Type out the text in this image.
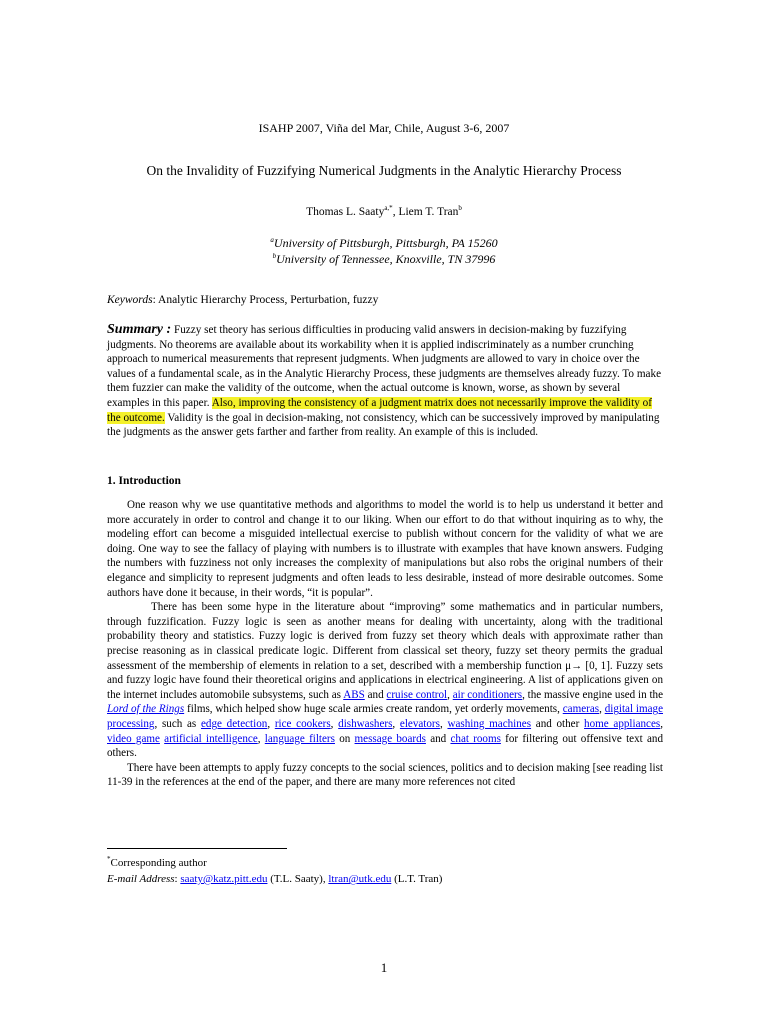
ISAHP 2007, Viña del Mar, Chile, August 3-6, 2007
On the Invalidity of Fuzzifying Numerical Judgments in the Analytic Hierarchy Process
Thomas L. Saaty$^{a,*}$, Liem T. Tran$^b$
$^a$University of Pittsburgh, Pittsburgh, PA 15260
$^b$University of Tennessee, Knoxville, TN 37996
Keywords: Analytic Hierarchy Process, Perturbation, fuzzy
Summary : Fuzzy set theory has serious difficulties in producing valid answers in decision-making by fuzzifying judgments. No theorems are available about its workability when it is applied indiscriminately as a number crunching approach to numerical measurements that represent judgments. When judgments are allowed to vary in choice over the values of a fundamental scale, as in the Analytic Hierarchy Process, these judgments are themselves already fuzzy. To make them fuzzier can make the validity of the outcome, when the actual outcome is known, worse, as shown by several examples in this paper. Also, improving the consistency of a judgment matrix does not necessarily improve the validity of the outcome. Validity is the goal in decision-making, not consistency, which can be successively improved by manipulating the judgments as the answer gets farther and farther from reality. An example of this is included.
1. Introduction

One reason why we use quantitative methods and algorithms to model the world is to help us understand it better and more accurately in order to control and change it to our liking. When our effort to do that without inquiring as to why, the modeling effort can become a misguided intellectual exercise to publish without concern for the validity of what we are doing. One way to see the fallacy of playing with numbers is to illustrate with examples that have known answers. Fudging the numbers with fuzziness not only increases the complexity of manipulations but also robs the original numbers of their elegance and simplicity to represent judgments and often leads to less desirable, instead of more desirable outcomes. Some authors have done it because, in their words, “it is popular”.

There has been some hype in the literature about “improving” some mathematics and in particular numbers, through fuzzification. Fuzzy logic is seen as another means for dealing with uncertainty, along with the traditional probability theory and statistics. Fuzzy logic is derived from fuzzy set theory which deals with approximate rather than precise reasoning as in classical predicate logic. Different from classical set theory, fuzzy set theory permits the gradual assessment of the membership of elements in relation to a set, described with a membership function μ→ [0, 1]. Fuzzy sets and fuzzy logic have found their theoretical origins and applications in electrical engineering. A list of applications given on the internet includes automobile subsystems, such as ABS and cruise control, air conditioners, the massive engine used in the Lord of the Rings films, which helped show huge scale armies create random, yet orderly movements, cameras, digital image processing, such as edge detection, rice cookers, dishwashers, elevators, washing machines and other home appliances, video game artificial intelligence, language filters on message boards and chat rooms for filtering out offensive text and others.

There have been attempts to apply fuzzy concepts to the social sciences, politics and to decision making [see reading list 11-39 in the references at the end of the paper, and there are many more references not cited

*Corresponding author
E-mail Address: saaty@katz.pitt.edu (T.L. Saaty), ltran@utk.edu (L.T. Tran)
1
